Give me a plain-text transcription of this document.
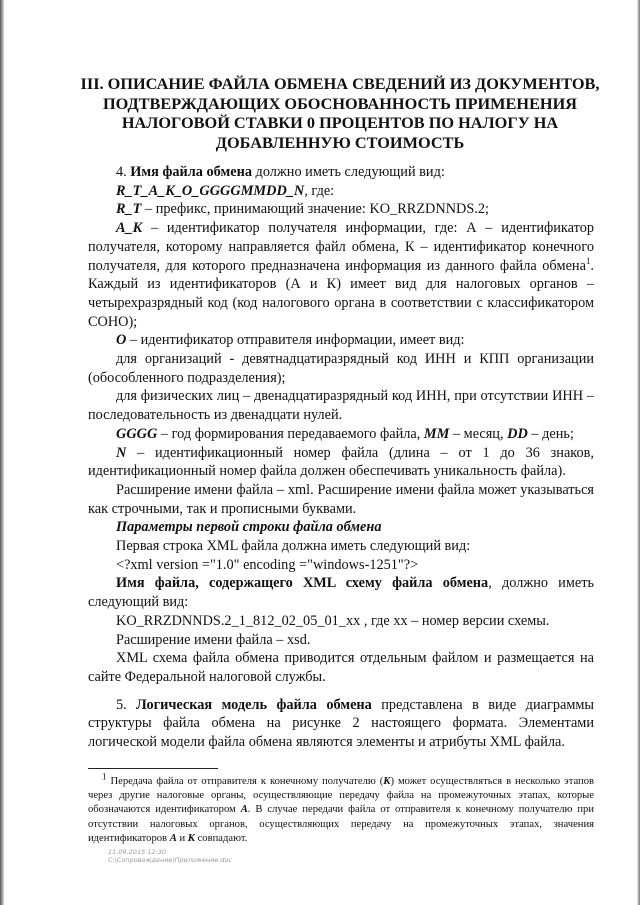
III. ОПИСАНИЕ ФАЙЛА ОБМЕНА СВЕДЕНИЙ ИЗ ДОКУМЕНТОВ, ПОДТВЕРЖДАЮЩИХ ОБОСНОВАННОСТЬ ПРИМЕНЕНИЯ НАЛОГОВОЙ СТАВКИ 0 ПРОЦЕНТОВ ПО НАЛОГУ НА ДОБАВЛЕННУЮ СТОИМОСТЬ

4. Имя файла обмена должно иметь следующий вид:

R_T_A_K_O_GGGGMMDD_N, где:

R_T – префикс, принимающий значение: KO_RRZDNNDS.2;

A_K – идентификатор получателя информации, где: А – идентификатор получателя, которому направляется файл обмена, К – идентификатор конечного получателя, для которого предназначена информация из данного файла обмена$^1$. Каждый из идентификаторов (А и К) имеет вид для налоговых органов – четырехразрядный код (код налогового органа в соответствии с классификатором СОНО);

O – идентификатор отправителя информации, имеет вид:

для организаций - девятнадцатиразрядный код ИНН и КПП организации (обособленного подразделения);

для физических лиц – двенадцатиразрядный код ИНН, при отсутствии ИНН – последовательность из двенадцати нулей.

GGGG – год формирования передаваемого файла, MM – месяц, DD – день;

N – идентификационный номер файла (длина – от 1 до 36 знаков, идентификационный номер файла должен обеспечивать уникальность файла).

Расширение имени файла – xml. Расширение имени файла может указываться как строчными, так и прописными буквами.

Параметры первой строки файла обмена

Первая строка XML файла должна иметь следующий вид:

<?xml version ="1.0" encoding ="windows-1251"?>

Имя файла, содержащего XML схему файла обмена, должно иметь следующий вид:

KO_RRZDNNDS.2_1_812_02_05_01_xx , где хх – номер версии схемы.

Расширение имени файла – xsd.

XML схема файла обмена приводится отдельным файлом и размещается на сайте Федеральной налоговой службы.

5. Логическая модель файла обмена представлена в виде диаграммы структуры файла обмена на рисунке 2 настоящего формата. Элементами логической модели файла обмена являются элементы и атрибуты XML файла.

$^1$ Передача файла от отправителя к конечному получателю (К) может осуществляться в несколько этапов через другие налоговые органы, осуществляющие передачу файла на промежуточных этапах, которые обозначаются идентификатором А. В случае передачи файла от отправителя к конечному получателю при отсутствии налоговых органов, осуществляющих передачу на промежуточных этапах, значения идентификаторов А и К совпадают.

11.09.2015 12:30
С:\Сопровождение\Приложение.doc
